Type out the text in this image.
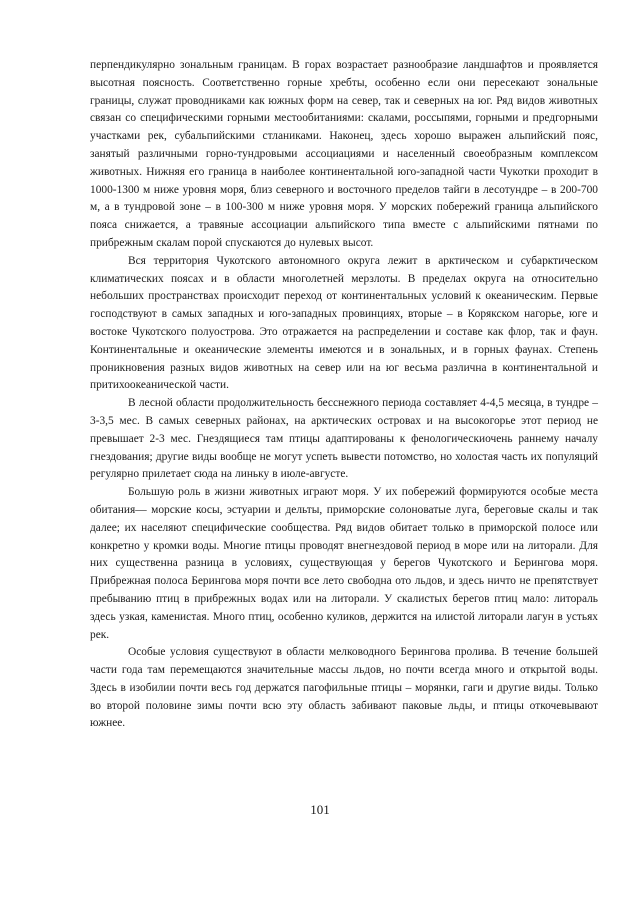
перпендикулярно зональным границам. В горах возрастает разнообразие ландшафтов и проявляется высотная поясность. Соответственно горные хребты, особенно если они пересекают зональные границы, служат проводниками как южных форм на север, так и северных на юг. Ряд видов животных связан со специфическими горными местообитаниями: скалами, россыпями, горными и предгорными участками рек, субальпийскими стланиками. Наконец, здесь хорошо выражен альпийский пояс, занятый различными горно-тундровыми ассоциациями и населенный своеобразным комплексом животных. Нижняя его граница в наиболее континентальной юго-западной части Чукотки проходит в 1000-1300 м ниже уровня моря, близ северного и восточного пределов тайги в лесотундре – в 200-700 м, а в тундровой зоне – в 100-300 м ниже уровня моря. У морских побережий граница альпийского пояса снижается, а травяные ассоциации альпийского типа вместе с альпийскими пятнами по прибрежным скалам порой спускаются до нулевых высот.

Вся территория Чукотского автономного округа лежит в арктическом и субарктическом климатических поясах и в области многолетней мерзлоты. В пределах округа на относительно небольших пространствах происходит переход от континентальных условий к океаническим. Первые господствуют в самых западных и юго-западных провинциях, вторые – в Корякском нагорье, юге и востоке Чукотского полуострова. Это отражается на распределении и составе как флор, так и фаун. Континентальные и океанические элементы имеются и в зональных, и в горных фаунах. Степень проникновения разных видов животных на север или на юг весьма различна в континентальной и притихоокеанической части.

В лесной области продолжительность бесснежного периода составляет 4-4,5 месяца, в тундре – 3-3,5 мес. В самых северных районах, на арктических островах и на высокогорье этот период не превышает 2-3 мес. Гнездящиеся там птицы адаптированы к фенологическиочень раннему началу гнездования; другие виды вообще не могут успеть вывести потомство, но холостая часть их популяций регулярно прилетает сюда на линьку в июле-августе.

Большую роль в жизни животных играют моря. У их побережий формируются особые места обитания— морские косы, эстуарии и дельты, приморские солоноватые луга, береговые скалы и так далее; их населяют специфические сообщества. Ряд видов обитает только в приморской полосе или конкретно у кромки воды. Многие птицы проводят внегнездовой период в море или на литорали. Для них существенна разница в условиях, существующая у берегов Чукотского и Берингова моря. Прибрежная полоса Берингова моря почти все лето свободна ото льдов, и здесь ничто не препятствует пребыванию птиц в прибрежных водах или на литорали. У скалистых берегов птиц мало: литораль здесь узкая, каменистая. Много птиц, особенно куликов, держится на илистой литорали лагун в устьях рек.

Особые условия существуют в области мелководного Берингова пролива. В течение большей части года там перемещаются значительные массы льдов, но почти всегда много и открытой воды. Здесь в изобилии почти весь год держатся пагофильные птицы – морянки, гаги и другие виды. Только во второй половине зимы почти всю эту область забивают паковые льды, и птицы откочевывают южнее.

101
